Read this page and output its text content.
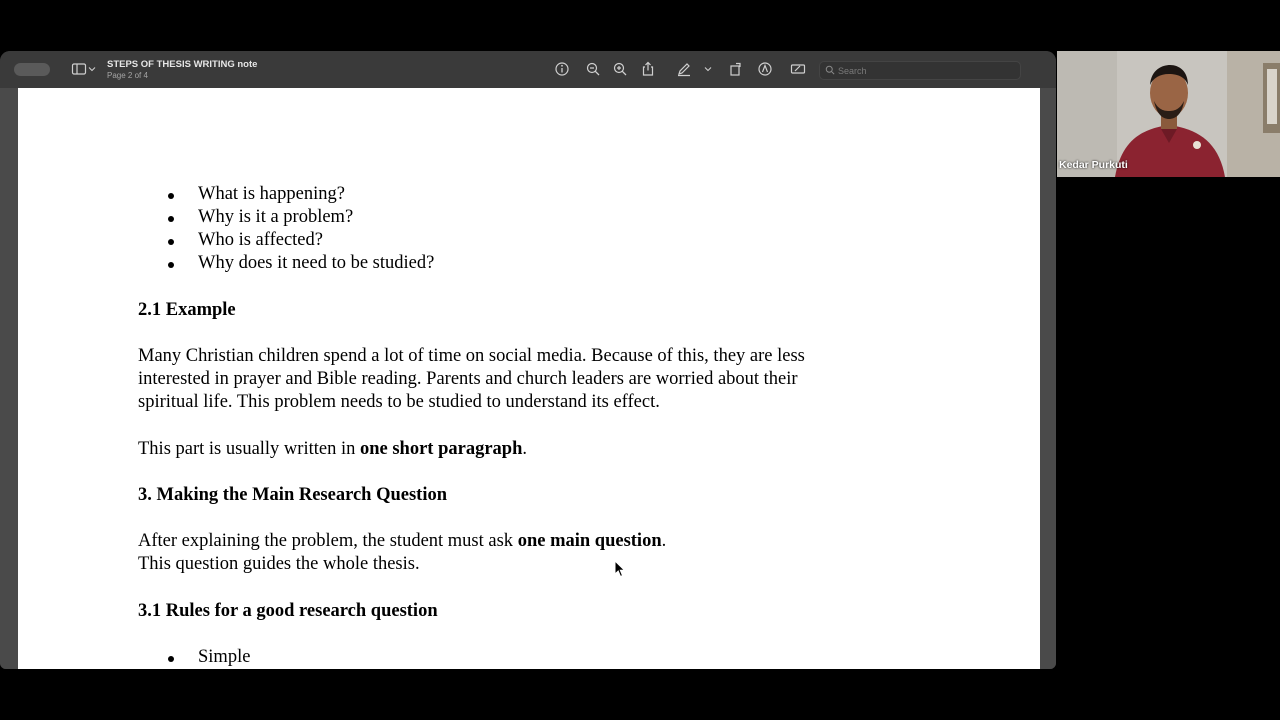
STEPS OF THESIS WRITING note
Page 2 of 4
Search
What is happening?
Why is it a problem?
Who is affected?
Why does it need to be studied?
2.1 Example
Many Christian children spend a lot of time on social media. Because of this, they are less
interested in prayer and Bible reading. Parents and church leaders are worried about their
spiritual life. This problem needs to be studied to understand its effect.
This part is usually written in one short paragraph.
3. Making the Main Research Question
After explaining the problem, the student must ask one main question.
This question guides the whole thesis.
3.1 Rules for a good research question
Simple
Kedar Purkuti
